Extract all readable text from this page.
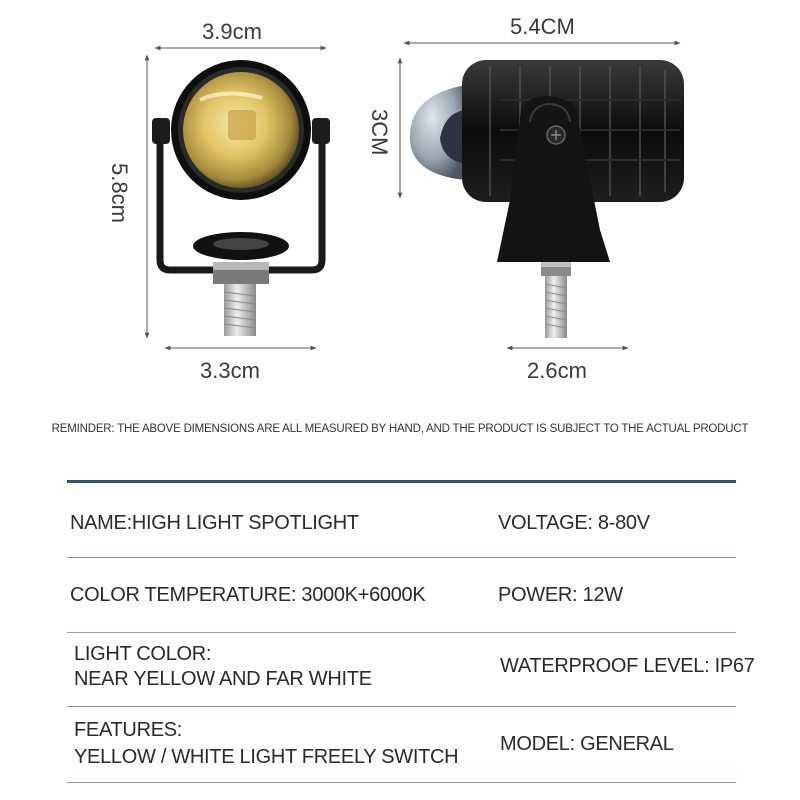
3.9cm
5.8cm
3.3cm
5.4CM
3CM
2.6cm
REMINDER: THE ABOVE DIMENSIONS ARE ALL MEASURED BY HAND, AND THE PRODUCT IS SUBJECT TO THE ACTUAL PRODUCT
NAME:HIGH LIGHT SPOTLIGHT	VOLTAGE: 8-80V
COLOR TEMPERATURE: 3000K+6000K	POWER: 12W
LIGHT COLOR:
NEAR YELLOW AND FAR WHITE
WATERPROOF LEVEL: IP67
FEATURES:
YELLOW / WHITE LIGHT FREELY SWITCH
MODEL: GENERAL
